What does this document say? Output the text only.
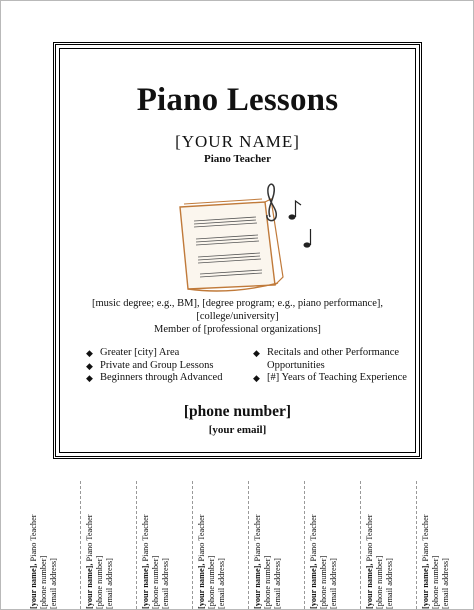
Piano Lessons
[YOUR NAME]
Piano Teacher
[music degree; e.g., BM], [degree program; e.g., piano performance], [college/university]
Member of [professional organizations]
◆ Greater [city] Area
◆ Private and Group Lessons
◆ Beginners through Advanced
◆ Recitals and other Performance Opportunities
◆ [#] Years of Teaching Experience
[phone number]
[your email]
[your name], Piano Teacher
[phone number] [email address]	[your name], Piano Teacher
[phone number] [email address]	[your name], Piano Teacher
[phone number] [email address]	[your name], Piano Teacher
[phone number] [email address]	[your name], Piano Teacher
[phone number] [email address]	[your name], Piano Teacher
[phone number] [email address]	[your name], Piano Teacher
[phone number] [email address]	[your name], Piano Teacher
[phone number] [email address]
